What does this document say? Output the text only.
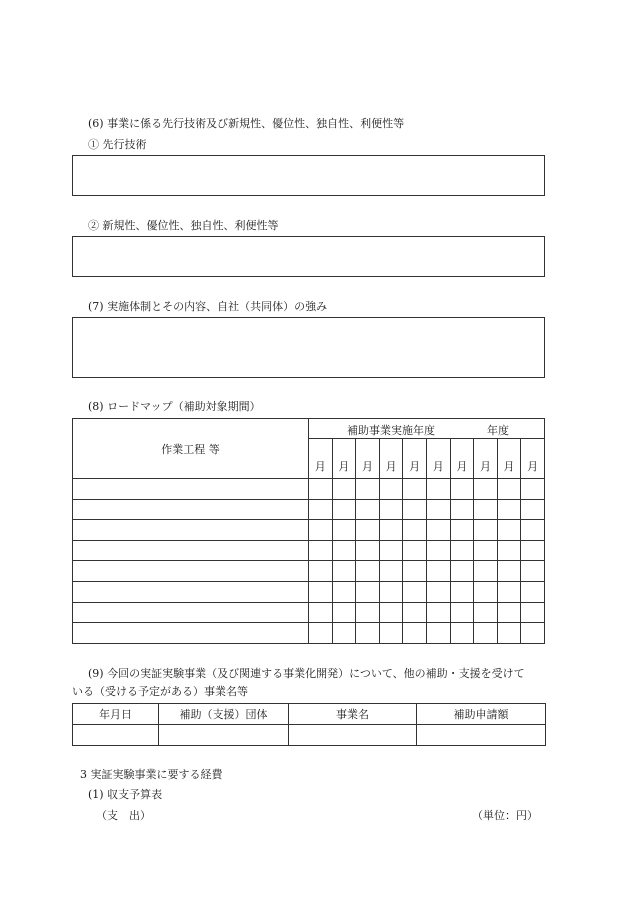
(6) 事業に係る先行技術及び新規性、優位性、独自性、利便性等
① 先行技術
② 新規性、優位性、独自性、利便性等
(7) 実施体制とその内容、自社（共同体）の強み
(8) ロードマップ（補助対象期間）
作業工程 等	補助事業実施年度 年度									

	月	月	月	月	月	月	月	月	月	月

(9) 今回の実証実験事業（及び関連する事業化開発）について、他の補助・支援を受けて
いる（受ける予定がある）事業名等
年月日	補助（支援）団体	事業名	補助申請額

3 実証実験事業に要する経費
(1) 収支予算表
（支　出）	（単位：円）
